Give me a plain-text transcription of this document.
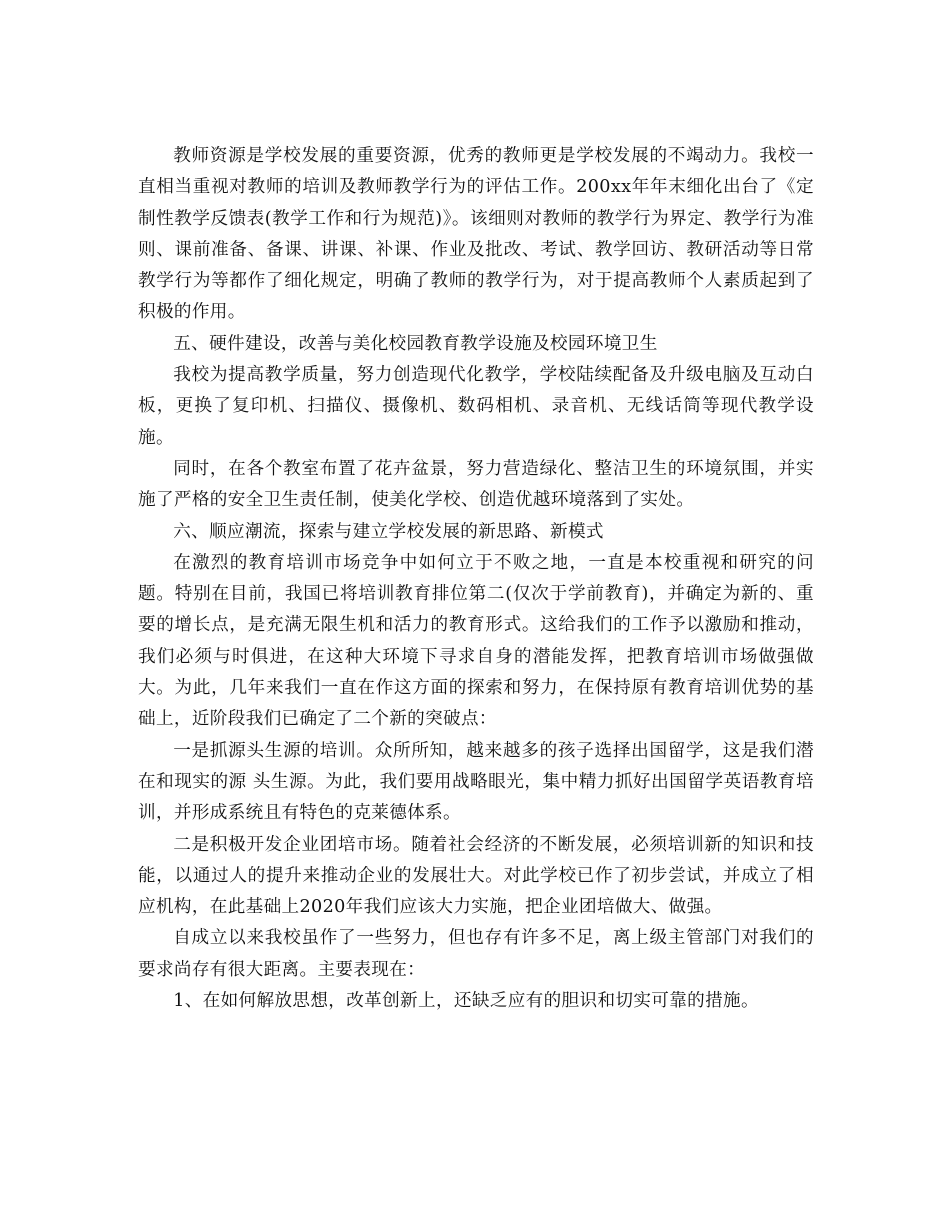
教师资源是学校发展的重要资源，优秀的教师更是学校发展的不竭动力。我校一直相当重视对教师的培训及教师教学行为的评估工作。200xx年年末细化出台了《定制性教学反馈表(教学工作和行为规范)》。该细则对教师的教学行为界定、教学行为准则、课前准备、备课、讲课、补课、作业及批改、考试、教学回访、教研活动等日常教学行为等都作了细化规定，明确了教师的教学行为，对于提高教师个人素质起到了积极的作用。

五、硬件建设，改善与美化校园教育教学设施及校园环境卫生

我校为提高教学质量，努力创造现代化教学，学校陆续配备及升级电脑及互动白板，更换了复印机、扫描仪、摄像机、数码相机、录音机、无线话筒等现代教学设施。

同时，在各个教室布置了花卉盆景，努力营造绿化、整洁卫生的环境氛围，并实施了严格的安全卫生责任制，使美化学校、创造优越环境落到了实处。

六、顺应潮流，探索与建立学校发展的新思路、新模式

在激烈的教育培训市场竞争中如何立于不败之地，一直是本校重视和研究的问题。特别在目前，我国已将培训教育排位第二(仅次于学前教育)，并确定为新的、重要的增长点，是充满无限生机和活力的教育形式。这给我们的工作予以激励和推动，我们必须与时俱进，在这种大环境下寻求自身的潜能发挥，把教育培训市场做强做大。为此，几年来我们一直在作这方面的探索和努力，在保持原有教育培训优势的基础上，近阶段我们已确定了二个新的突破点：

一是抓源头生源的培训。众所所知，越来越多的孩子选择出国留学，这是我们潜在和现实的源 头生源。为此，我们要用战略眼光，集中精力抓好出国留学英语教育培训，并形成系统且有特色的克莱德体系。

二是积极开发企业团培市场。随着社会经济的不断发展，必须培训新的知识和技能，以通过人的提升来推动企业的发展壮大。对此学校已作了初步尝试，并成立了相应机构，在此基础上2020年我们应该大力实施，把企业团培做大、做强。

自成立以来我校虽作了一些努力，但也存有许多不足，离上级主管部门对我们的要求尚存有很大距离。主要表现在：

1、在如何解放思想，改革创新上，还缺乏应有的胆识和切实可靠的措施。
